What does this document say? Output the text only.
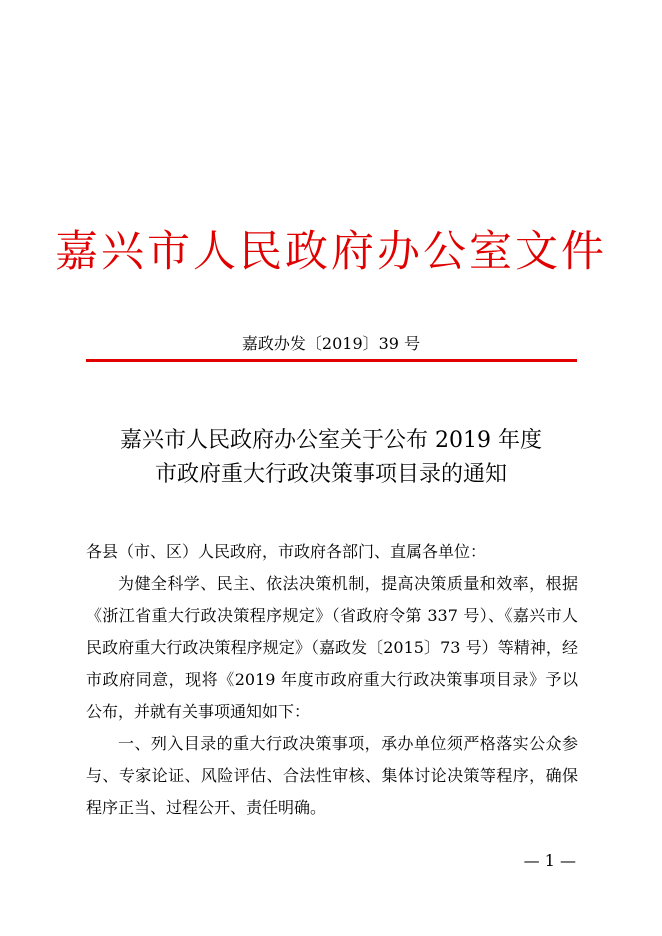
嘉兴市人民政府办公室文件
嘉政办发〔2019〕39 号
嘉兴市人民政府办公室关于公布 2019 年度
市政府重大行政决策事项目录的通知

各县（市、区）人民政府，市政府各部门、直属各单位：

为健全科学、民主、依法决策机制，提高决策质量和效率，根据《浙江省重大行政决策程序规定》（省政府令第 337 号）、《嘉兴市人民政府重大行政决策程序规定》（嘉政发〔2015〕73 号）等精神，经市政府同意，现将《2019 年度市政府重大行政决策事项目录》予以公布，并就有关事项通知如下：

一、列入目录的重大行政决策事项，承办单位须严格落实公众参与、专家论证、风险评估、合法性审核、集体讨论决策等程序，确保程序正当、过程公开、责任明确。

— 1 —
